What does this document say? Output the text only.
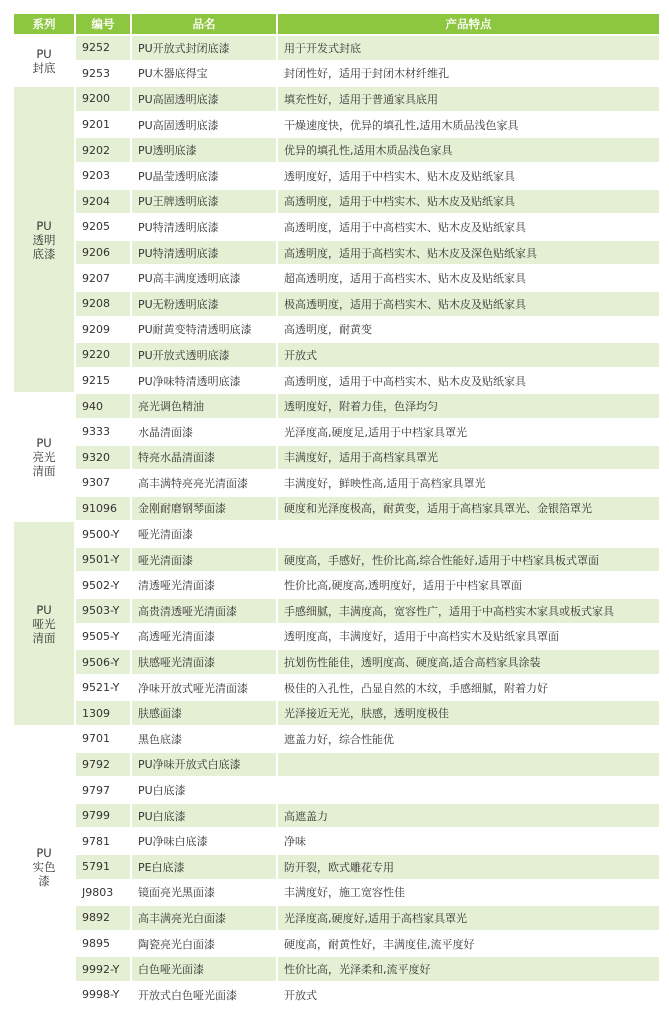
系列	编号	品名	产品特点

PU
封底	9252	PU开放式封闭底漆	用于开发式封底
	9253	PU木器底得宝	封闭性好，适用于封闭木材纤维孔

PU
透明
底漆	9200	PU高固透明底漆	填充性好，适用于普通家具底用
	9201	PU高固透明底漆	干燥速度快，优异的填孔性,适用木质品浅色家具
	9202	PU透明底漆	优异的填孔性,适用木质品浅色家具
	9203	PU晶莹透明底漆	透明度好，适用于中档实木、贴木皮及贴纸家具
	9204	PU王牌透明底漆	高透明度，适用于中档实木、贴木皮及贴纸家具
	9205	PU特清透明底漆	高透明度，适用于中高档实木、贴木皮及贴纸家具
	9206	PU特清透明底漆	高透明度，适用于高档实木、贴木皮及深色贴纸家具
	9207	PU高丰满度透明底漆	超高透明度，适用于高档实木、贴木皮及贴纸家具
	9208	PU无粉透明底漆	极高透明度，适用于高档实木、贴木皮及贴纸家具
	9209	PU耐黄变特清透明底漆	高透明度，耐黄变
	9220	PU开放式透明底漆	开放式
	9215	PU净味特清透明底漆	高透明度，适用于中高档实木、贴木皮及贴纸家具

PU
亮光
清面	940	亮光调色精油	透明度好，附着力佳，色泽均匀
	9333	水晶清面漆	光泽度高,硬度足,适用于中档家具罩光
	9320	特亮水晶清面漆	丰满度好，适用于高档家具罩光
	9307	高丰满特亮亮光清面漆	丰满度好，鲜映性高,适用于高档家具罩光
	91096	金刚耐磨钢琴面漆	硬度和光泽度极高，耐黄变，适用于高档家具罩光、金银箔罩光

PU
哑光
清面	9500-Y	哑光清面漆	
	9501-Y	哑光清面漆	硬度高，手感好，性价比高,综合性能好,适用于中档家具板式罩面
	9502-Y	清透哑光清面漆	性价比高,硬度高,透明度好，适用于中档家具罩面
	9503-Y	高贵清透哑光清面漆	手感细腻，丰满度高，宽容性广，适用于中高档实木家具或板式家具
	9505-Y	高透哑光清面漆	透明度高，丰满度好，适用于中高档实木及贴纸家具罩面
	9506-Y	肤感哑光清面漆	抗划伤性能佳，透明度高、硬度高,适合高档家具涂装
	9521-Y	净味开放式哑光清面漆	极佳的入孔性，凸显自然的木纹，手感细腻，附着力好
	1309	肤感面漆	光泽接近无光，肤感，透明度极佳

PU
实色
漆	9701	黑色底漆	遮盖力好，综合性能优
	9792	PU净味开放式白底漆	
	9797	PU白底漆	
	9799	PU白底漆	高遮盖力
	9781	PU净味白底漆	净味
	5791	PE白底漆	防开裂，欧式雕花专用
	J9803	镜面亮光黑面漆	丰满度好，施工宽容性佳
	9892	高丰满亮光白面漆	光泽度高,硬度好,适用于高档家具罩光
	9895	陶瓷亮光白面漆	硬度高，耐黄性好，丰满度佳,流平度好
	9992-Y	白色哑光面漆	性价比高，光泽柔和,流平度好
	9998-Y	开放式白色哑光面漆	开放式
